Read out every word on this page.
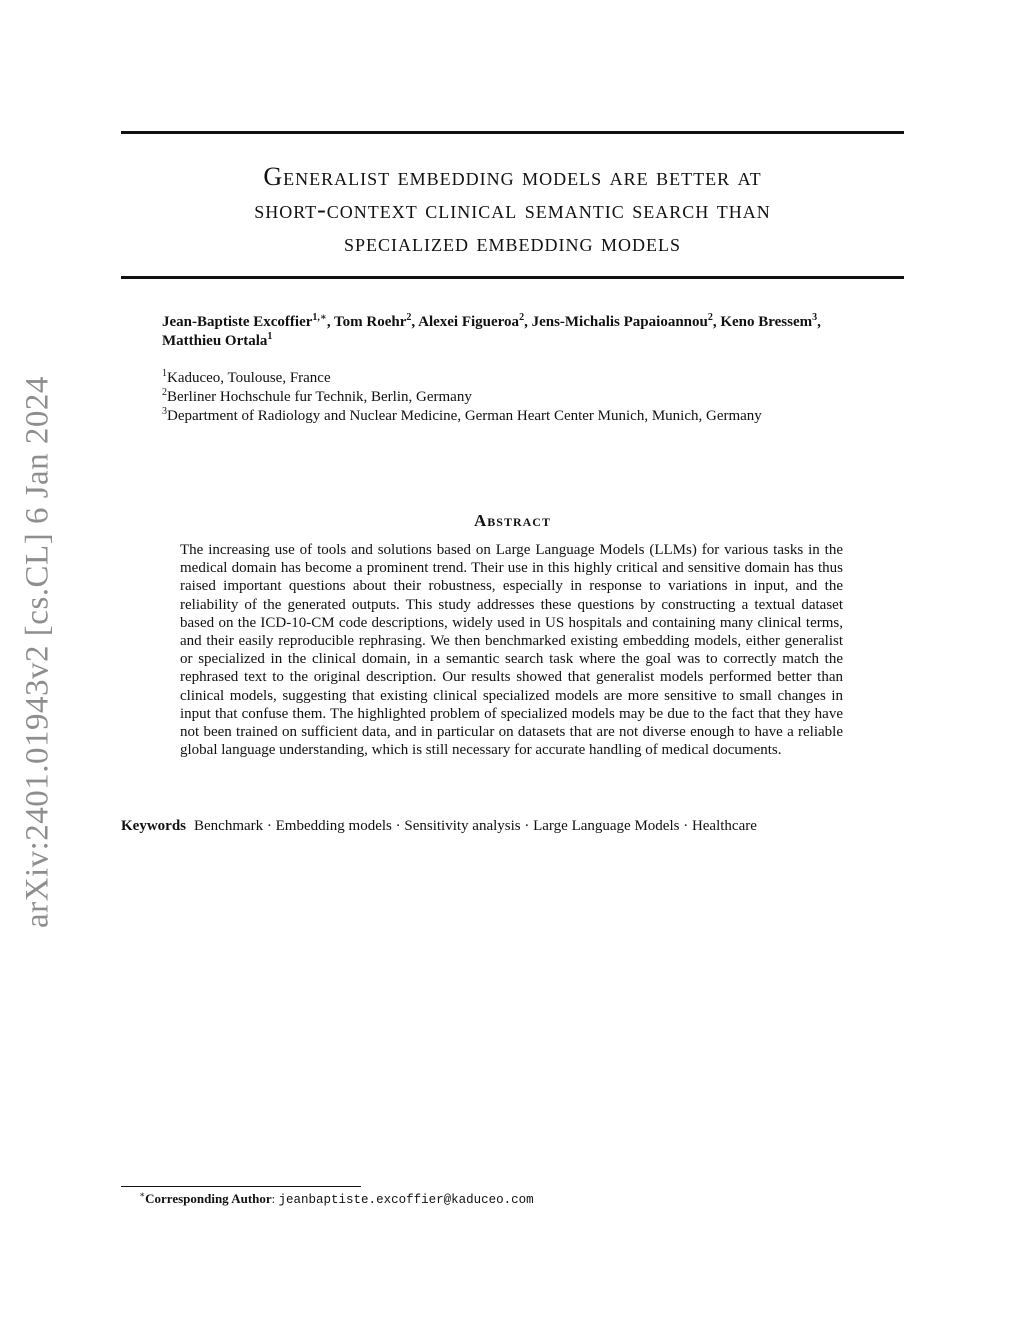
arXiv:2401.01943v2 [cs.CL] 6 Jan 2024
Generalist embedding models are better at
short-context clinical semantic search than
specialized embedding models
Jean-Baptiste Excoffier$^{1,∗}$, Tom Roehr$^2$, Alexei Figueroa$^2$, Jens-Michalis Papaioannou$^2$, Keno Bressem$^3$, Matthieu Ortala$^1$
$^1$Kaduceo, Toulouse, France
$^2$Berliner Hochschule fur Technik, Berlin, Germany
$^3$Department of Radiology and Nuclear Medicine, German Heart Center Munich, Munich, Germany
Abstract
The increasing use of tools and solutions based on Large Language Models (LLMs) for various tasks in the medical domain has become a prominent trend. Their use in this highly critical and sensitive domain has thus raised important questions about their robustness, especially in response to variations in input, and the reliability of the generated outputs. This study addresses these questions by constructing a textual dataset based on the ICD-10-CM code descriptions, widely used in US hospitals and containing many clinical terms, and their easily reproducible rephrasing. We then benchmarked existing embedding models, either generalist or specialized in the clinical domain, in a semantic search task where the goal was to correctly match the rephrased text to the original description. Our results showed that generalist models performed better than clinical models, suggesting that existing clinical specialized models are more sensitive to small changes in input that confuse them. The highlighted problem of specialized models may be due to the fact that they have not been trained on sufficient data, and in particular on datasets that are not diverse enough to have a reliable global language understanding, which is still necessary for accurate handling of medical documents.
Keywords Benchmark · Embedding models · Sensitivity analysis · Large Language Models · Healthcare
∗Corresponding Author: jeanbaptiste.excoffier@kaduceo.com
